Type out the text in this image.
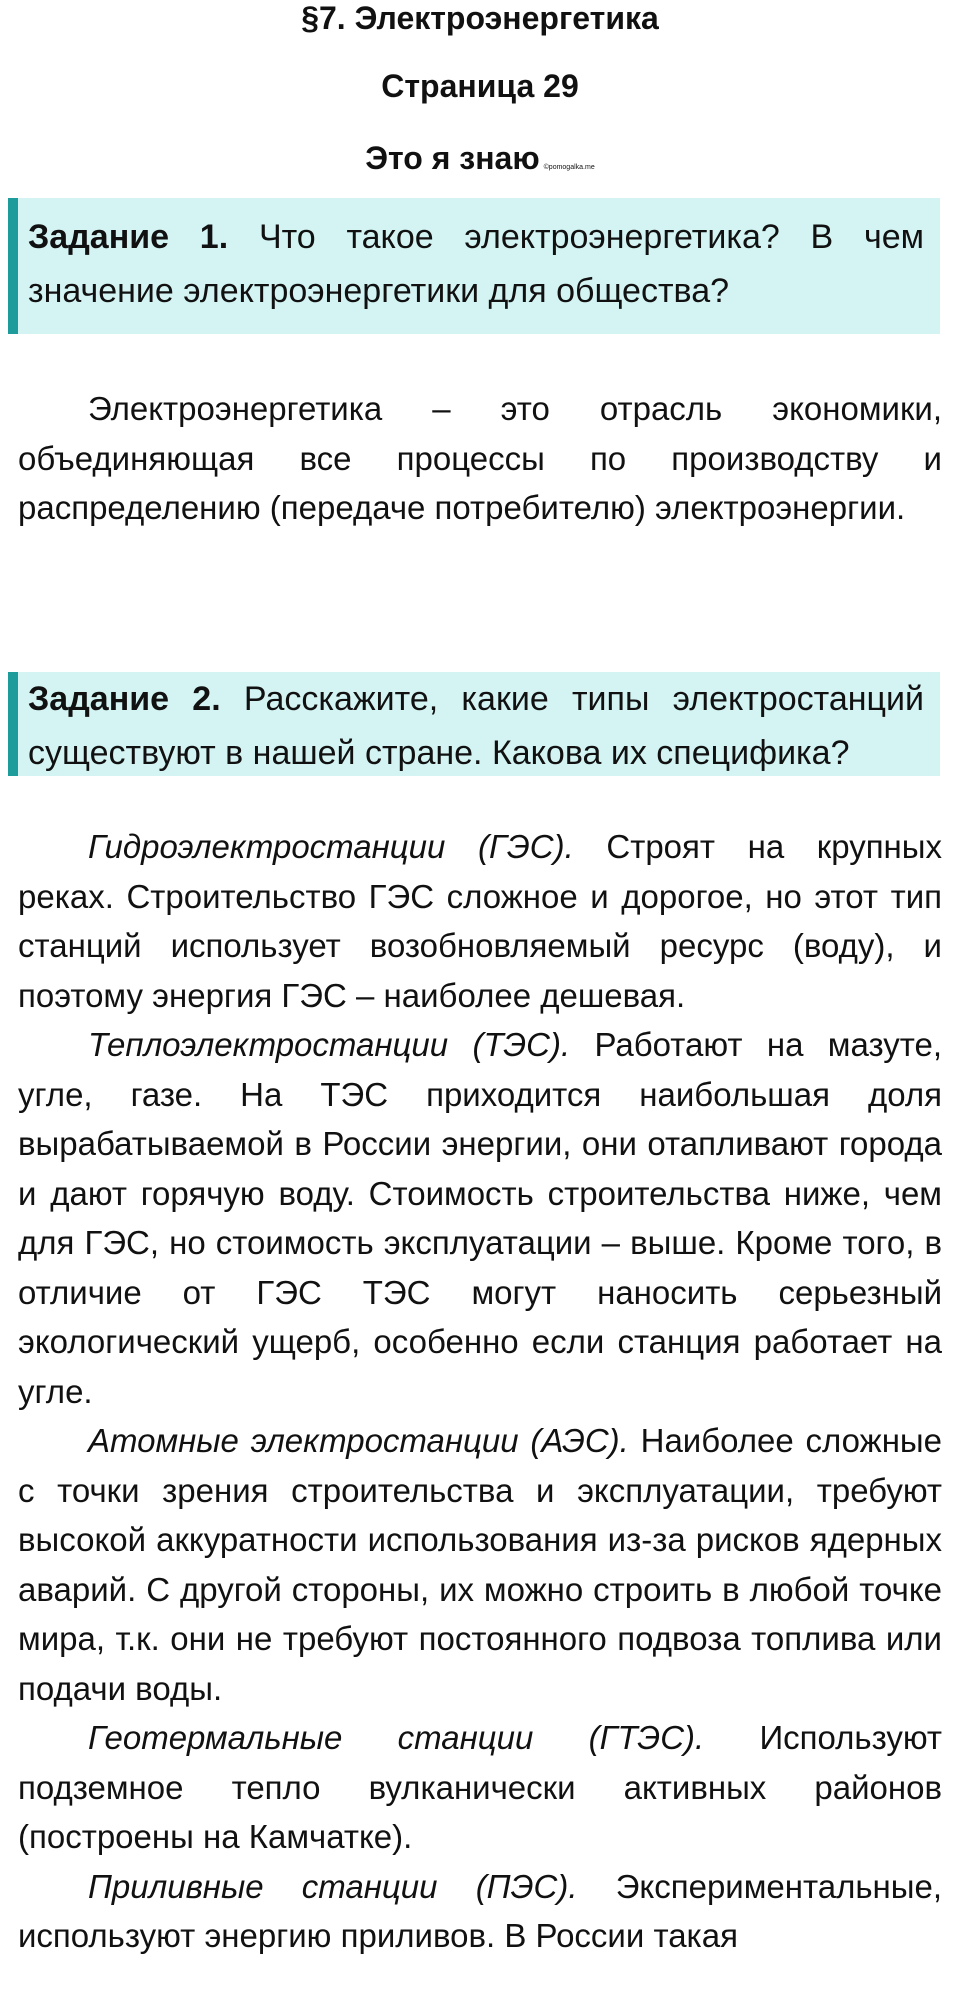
§7. Электроэнергетика
Страница 29
Это я знаю ©pomogalka.me
Задание 1. Что такое электроэнергетика? В чем значение электроэнергетики для общества?

Электроэнергетика – это отрасль экономики, объединяющая все процессы по производству и распределению (передаче потребителю) электроэнергии.

Задание 2. Расскажите, какие типы электростанций существуют в нашей стране. Какова их специфика?

Гидроэлектростанции (ГЭС). Строят на крупных реках. Строительство ГЭС сложное и дорогое, но этот тип станций использует возобновляемый ресурс (воду), и поэтому энергия ГЭС – наиболее дешевая.

Теплоэлектростанции (ТЭС). Работают на мазуте, угле, газе. На ТЭС приходится наибольшая доля вырабатываемой в России энергии, они отапливают города и дают горячую воду. Стоимость строительства ниже, чем для ГЭС, но стоимость эксплуатации – выше. Кроме того, в отличие от ГЭС ТЭС могут наносить серьезный экологический ущерб, особенно если станция работает на угле.

Атомные электростанции (АЭС). Наиболее сложные с точки зрения строительства и эксплуатации, требуют высокой аккуратности использования из-за рисков ядерных аварий. С другой стороны, их можно строить в любой точке мира, т.к. они не требуют постоянного подвоза топлива или подачи воды.

Геотермальные станции (ГТЭС). Используют подземное тепло вулканически активных районов (построены на Камчатке).

Приливные станции (ПЭС). Экспериментальные, используют энергию приливов. В России такая
